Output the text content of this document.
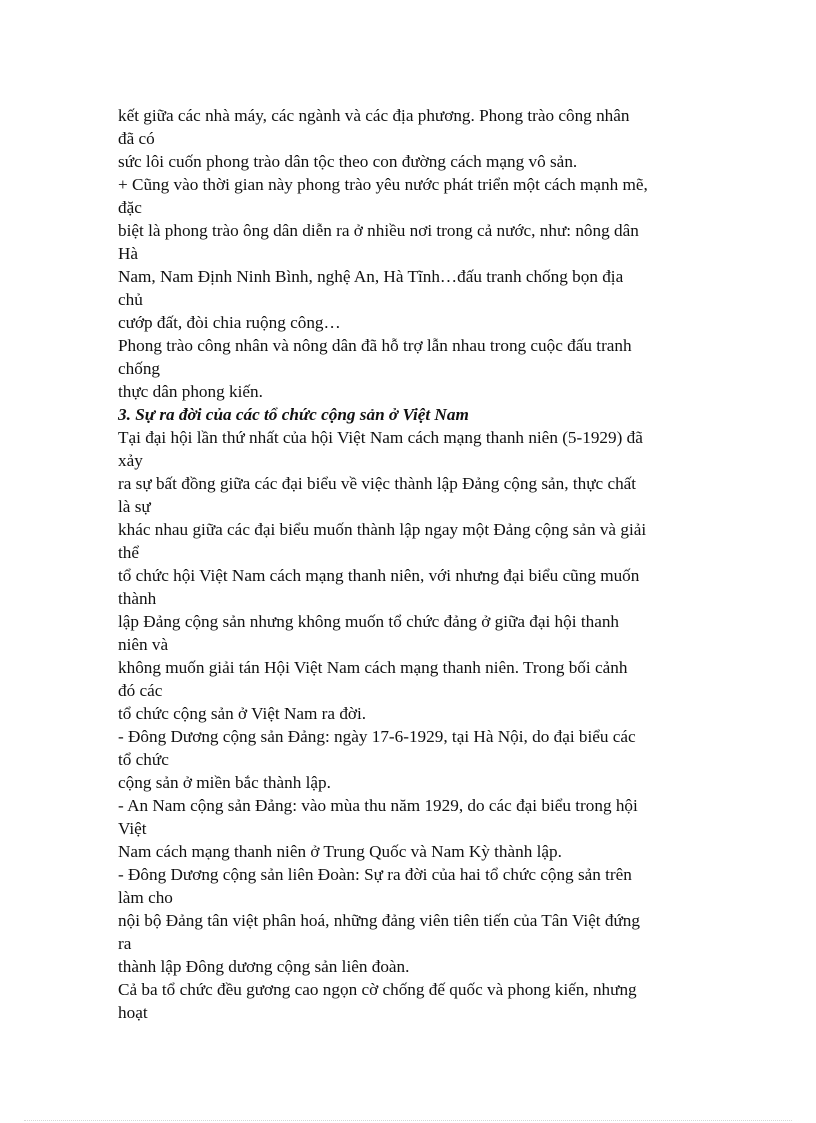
kết giữa các nhà máy, các ngành và các địa phương. Phong trào công nhân
đã có
sức lôi cuốn phong trào dân tộc theo con đường cách mạng vô sản.
+ Cũng vào thời gian này phong trào yêu nước phát triển một cách mạnh mẽ,
đặc
biệt là phong trào ông dân diễn ra ở nhiều nơi trong cả nước, như: nông dân
Hà
Nam, Nam Định Ninh Bình, nghệ An, Hà Tĩnh…đấu tranh chống bọn địa
chủ
cướp đất, đòi chia ruộng công…
Phong trào công nhân và nông dân đã hỗ trợ lẫn nhau trong cuộc đấu tranh
chống
thực dân phong kiến.
3. Sự ra đời của các tổ chức cộng sản ở Việt Nam
Tại đại hội lần thứ nhất của hội Việt Nam cách mạng thanh niên (5-1929) đã
xảy
ra sự bất đồng giữa các đại biểu về việc thành lập Đảng cộng sản, thực chất
là sự
khác nhau giữa các đại biểu muốn thành lập ngay một Đảng cộng sản và giải
thể
tổ chức hội Việt Nam cách mạng thanh niên, với nhưng đại biểu cũng muốn
thành
lập Đảng cộng sản nhưng không muốn tổ chức đảng ở giữa đại hội thanh
niên và
không muốn giải tán Hội Việt Nam cách mạng thanh niên. Trong bối cảnh
đó các
tổ chức cộng sản ở Việt Nam ra đời.
- Đông Dương cộng sản Đảng: ngày 17-6-1929, tại Hà Nội, do đại biểu các
tổ chức
cộng sản ở miền bắc thành lập.
- An Nam cộng sản Đảng: vào mùa thu năm 1929, do các đại biểu trong hội
Việt
Nam cách mạng thanh niên ở Trung Quốc và Nam Kỳ thành lập.
- Đông Dương cộng sản liên Đoàn: Sự ra đời của hai tổ chức cộng sản trên
làm cho
nội bộ Đảng tân việt phân hoá, những đảng viên tiên tiến của Tân Việt đứng
ra
thành lập Đông dương cộng sản liên đoàn.
Cả ba tổ chức đều gương cao ngọn cờ chống đế quốc và phong kiến, nhưng
hoạt
